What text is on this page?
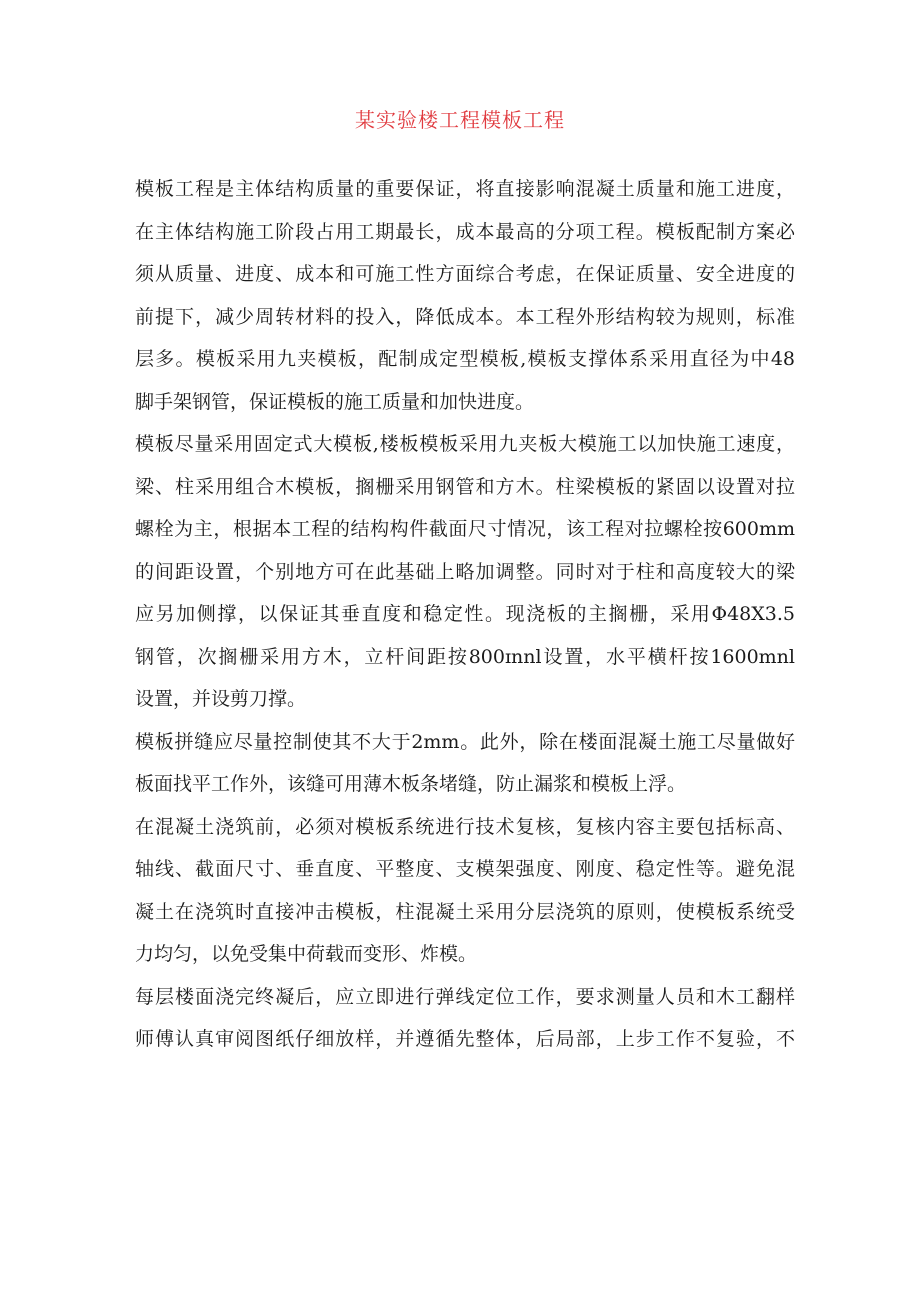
某实验楼工程模板工程
模板工程是主体结构质量的重要保证，将直接影响混凝土质量和施工进度，
在主体结构施工阶段占用工期最长，成本最高的分项工程。模板配制方案必
须从质量、进度、成本和可施工性方面综合考虑，在保证质量、安全进度的
前提下，减少周转材料的投入，降低成本。本工程外形结构较为规则，标准
层多。模板采用九夹模板，配制成定型模板,模板支撑体系采用直径为中48
脚手架钢管，保证模板的施工质量和加快进度。
模板尽量采用固定式大模板,楼板模板采用九夹板大模施工以加快施工速度，
梁、柱采用组合木模板，搁栅采用钢管和方木。柱梁模板的紧固以设置对拉
螺栓为主，根据本工程的结构构件截面尺寸情况，该工程对拉螺栓按600mm
的间距设置，个别地方可在此基础上略加调整。同时对于柱和高度较大的梁
应另加侧撑，以保证其垂直度和稳定性。现浇板的主搁栅，采用Φ48X3.5
钢管，次搁栅采用方木，立杆间距按800ɪnnl设置，水平横杆按1600mnl
设置，并设剪刀撑。
模板拼缝应尽量控制使其不大于2mm。此外，除在楼面混凝土施工尽量做好
板面找平工作外，该缝可用薄木板条堵缝，防止漏浆和模板上浮。
在混凝土浇筑前，必须对模板系统进行技术复核，复核内容主要包括标高、
轴线、截面尺寸、垂直度、平整度、支模架强度、刚度、稳定性等。避免混
凝土在浇筑时直接冲击模板，柱混凝土采用分层浇筑的原则，使模板系统受
力均匀，以免受集中荷载而变形、炸模。
每层楼面浇完终凝后，应立即进行弹线定位工作，要求测量人员和木工翻样
师傅认真审阅图纸仔细放样，并遵循先整体，后局部，上步工作不复验，不
